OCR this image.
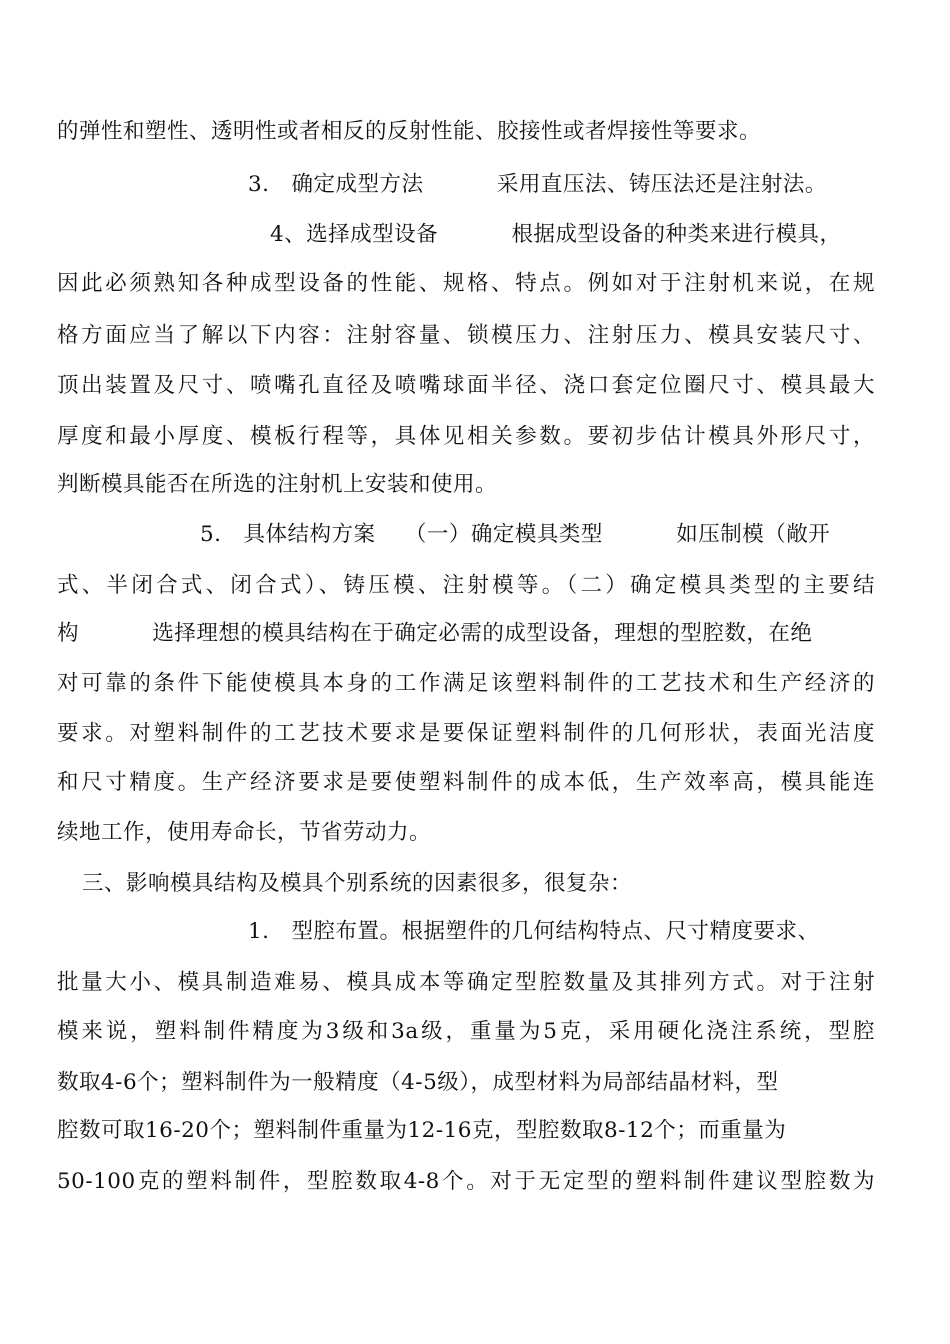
的弹性和塑性、透明性或者相反的反射性能、胶接性或者焊接性等要求。
3.   确定成型方法          采用直压法、铸压法还是注射法。
4、选择成型设备          根据成型设备的种类来进行模具，
因此必须熟知各种成型设备的性能、规格、特点。例如对于注射机来说，在规
格方面应当了解以下内容：注射容量、锁模压力、注射压力、模具安装尺寸、
顶出装置及尺寸、喷嘴孔直径及喷嘴球面半径、浇口套定位圈尺寸、模具最大
厚度和最小厚度、模板行程等，具体见相关参数。要初步估计模具外形尺寸，
判断模具能否在所选的注射机上安装和使用。
5.   具体结构方案    （一）确定模具类型          如压制模（敞开
式、半闭合式、闭合式）、铸压模、注射模等。（二）确定模具类型的主要结
构          选择理想的模具结构在于确定必需的成型设备，理想的型腔数，在绝
对可靠的条件下能使模具本身的工作满足该塑料制件的工艺技术和生产经济的
要求。对塑料制件的工艺技术要求是要保证塑料制件的几何形状，表面光洁度
和尺寸精度。生产经济要求是要使塑料制件的成本低，生产效率高，模具能连
续地工作，使用寿命长，节省劳动力。
三、影响模具结构及模具个别系统的因素很多，很复杂：
1.   型腔布置。根据塑件的几何结构特点、尺寸精度要求、
批量大小、模具制造难易、模具成本等确定型腔数量及其排列方式。对于注射
模来说，塑料制件精度为3级和3a级，重量为5克，采用硬化浇注系统，型腔
数取4-6个；塑料制件为一般精度（4-5级），成型材料为局部结晶材料，型
腔数可取16-20个；塑料制件重量为12-16克，型腔数取8-12个；而重量为
50-100克的塑料制件，型腔数取4-8个。对于无定型的塑料制件建议型腔数为
